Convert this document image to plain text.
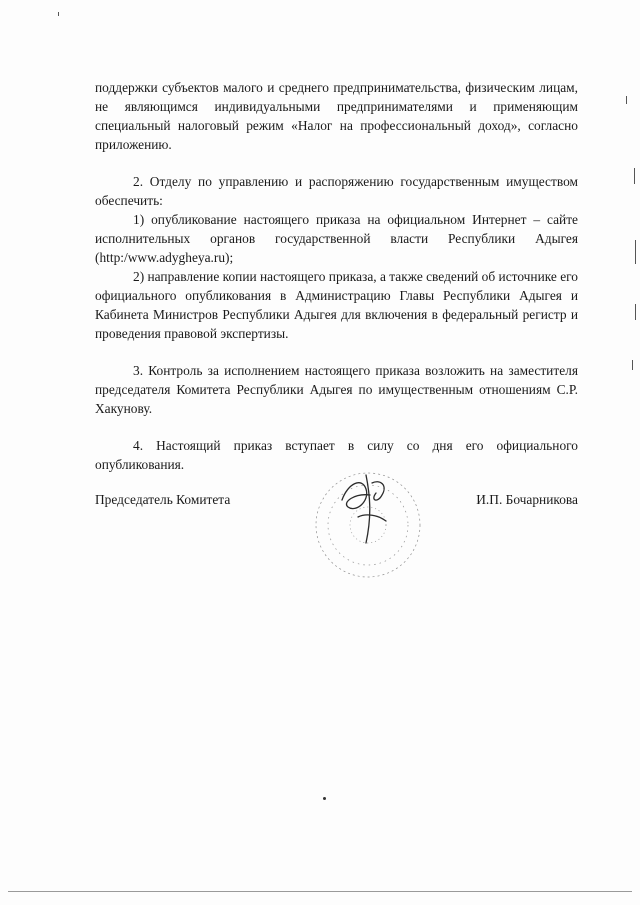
поддержки субъектов малого и среднего предпринимательства, физическим лицам, не являющимся индивидуальными предпринимателями и применяющим специальный налоговый режим «Налог на профессиональный доход», согласно приложению.

2. Отделу по управлению и распоряжению государственным имуществом обеспечить:

1) опубликование настоящего приказа на официальном Интернет – сайте исполнительных органов государственной власти Республики Адыгея (http:/www.adygheya.ru);

2) направление копии настоящего приказа, а также сведений об источнике его официального опубликования в Администрацию Главы Республики Адыгея и Кабинета Министров Республики Адыгея для включения в федеральный регистр и проведения правовой экспертизы.

3. Контроль за исполнением настоящего приказа возложить на заместителя председателя Комитета Республики Адыгея по имущественным отношениям С.Р. Хакунову.

4. Настоящий приказ вступает в силу со дня его официального опубликования.

Председатель Комитета	И.П. Бочарникова
